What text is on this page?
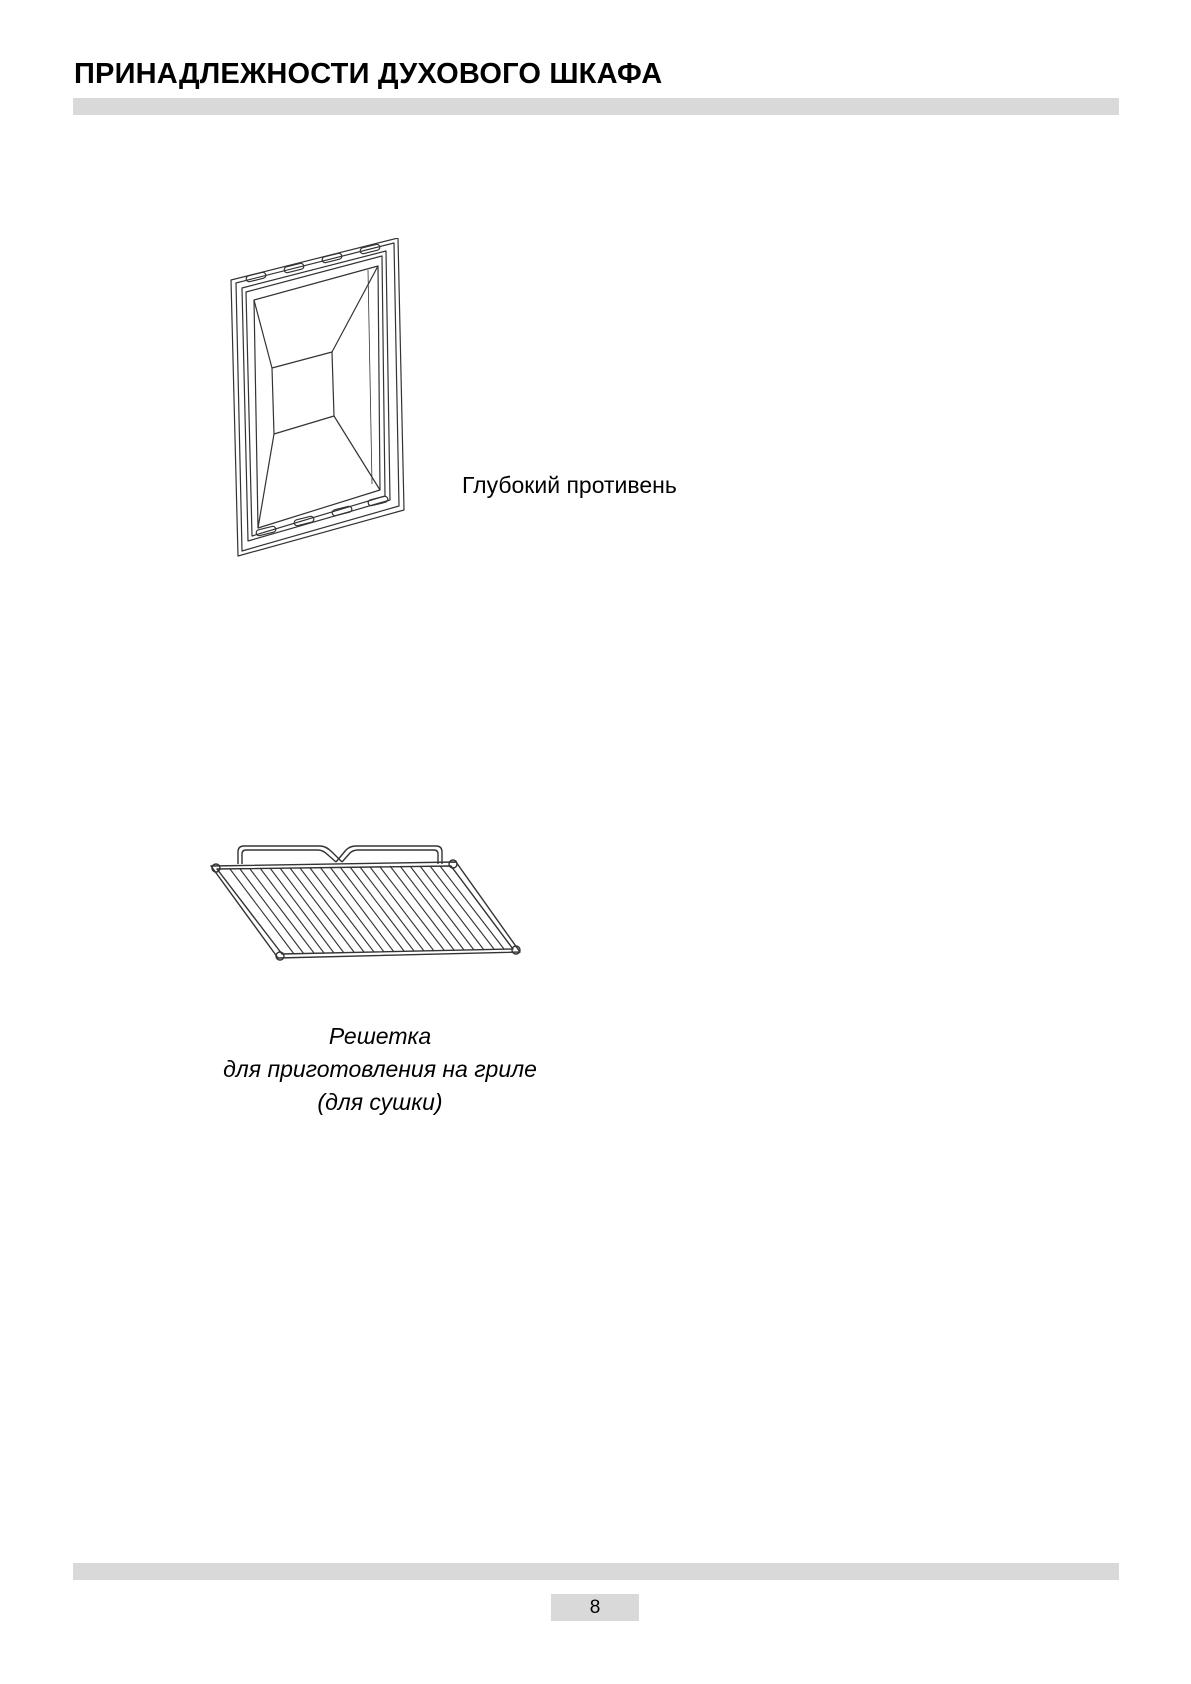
ПРИНАДЛЕЖНОСТИ ДУХОВОГО ШКАФА

Глубокий противень

Решетка
для приготовления на гриле
(для сушки)

8
